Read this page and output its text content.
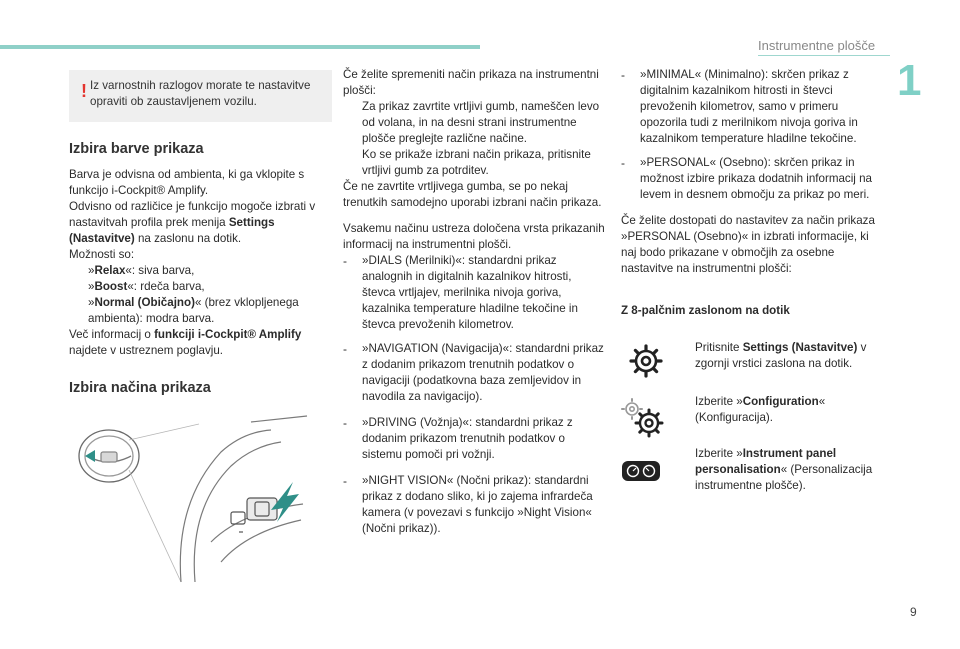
Instrumentne plošče
1
9
! Iz varnostnih razlogov morate te nastavitve opraviti ob zaustavljenem vozilu.

Izbira barve prikaza

Barva je odvisna od ambienta, ki ga vklopite s funkcijo i-Cockpit® Amplify.

Odvisno od različice je funkcijo mogoče izbrati v nastavitvah profila prek menija Settings (Nastavitve) na zaslonu na dotik.

Možnosti so:

»Relax«: siva barva,
»Boost«: rdeča barva,
»Normal (Običajno)« (brez vklopljenega ambienta): modra barva.

Več informacij o funkciji i-Cockpit® Amplify najdete v ustreznem poglavju.

Izbira načina prikaza

Če želite spremeniti način prikaza na instrumentni plošči:

Za prikaz zavrtite vrtljivi gumb, nameščen levo od volana, in na desni strani instrumentne plošče preglejte različne načine.
Ko se prikaže izbrani način prikaza, pritisnite vrtljivi gumb za potrditev.

Če ne zavrtite vrtljivega gumba, se po nekaj trenutkih samodejno uporabi izbrani način prikaza.

Vsakemu načinu ustreza določena vrsta prikazanih informacij na instrumentni plošči.

- »DIALS (Merilniki)«: standardni prikaz analognih in digitalnih kazalnikov hitrosti, števca vrtljajev, merilnika nivoja goriva, kazalnika temperature hladilne tekočine in števca prevoženih kilometrov.
- »NAVIGATION (Navigacija)«: standardni prikaz z dodanim prikazom trenutnih podatkov o navigaciji (podatkovna baza zemljevidov in navodila za navigacijo).
- »DRIVING (Vožnja)«: standardni prikaz z dodanim prikazom trenutnih podatkov o sistemu pomoči pri vožnji.
- »NIGHT VISION« (Nočni prikaz): standardni prikaz z dodano sliko, ki jo zajema infrardeča kamera (v povezavi s funkcijo »Night Vision« (Nočni prikaz)).
- »MINIMAL« (Minimalno): skrčen prikaz z digitalnim kazalnikom hitrosti in števci prevoženih kilometrov, samo v primeru opozorila tudi z merilnikom nivoja goriva in kazalnikom temperature hladilne tekočine.
- »PERSONAL« (Osebno): skrčen prikaz in možnost izbire prikaza dodatnih informacij na levem in desnem območju za prikaz po meri.

Če želite dostopati do nastavitev za način prikaza »PERSONAL (Osebno)« in izbrati informacije, ki naj bodo prikazane v območjih za osebne nastavitve na instrumentni plošči:

Z 8-palčnim zaslonom na dotik

Pritisnite Settings (Nastavitve) v zgornji vrstici zaslona na dotik.
Izberite »Configuration« (Konfiguracija).
Izberite »Instrument panel personalisation« (Personalizacija instrumentne plošče).
